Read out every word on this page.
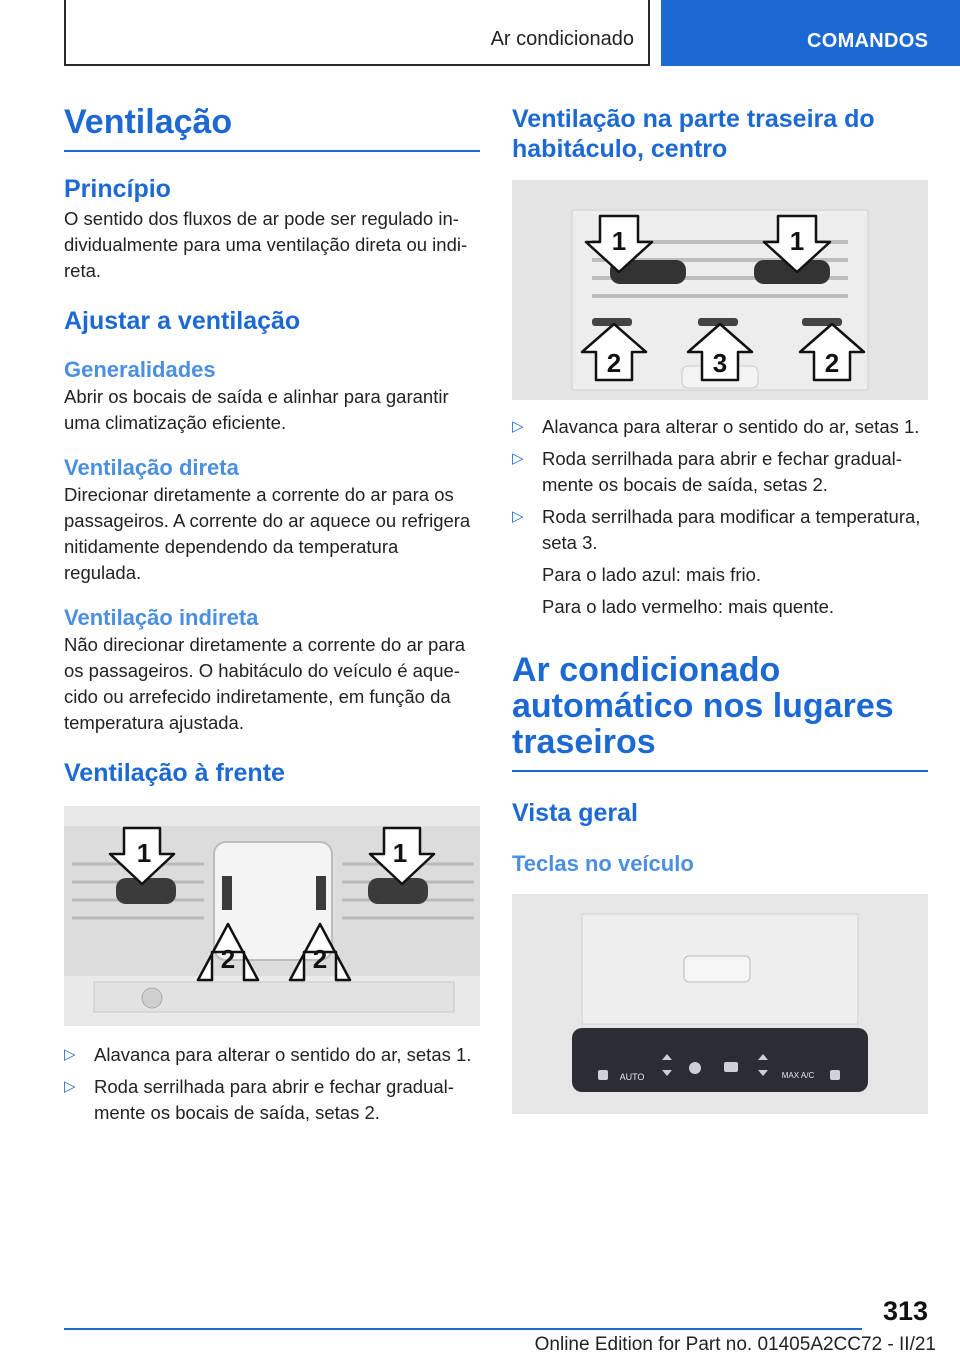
Ar condicionado	COMANDOS
Ventilação
Princípio

O sentido dos fluxos de ar pode ser regulado individualmente para uma ventilação direta ou indireta.

Ajustar a ventilação
Generalidades

Abrir os bocais de saída e alinhar para garantir uma climatização eficiente.

Ventilação direta

Direcionar diretamente a corrente do ar para os passageiros. A corrente do ar aquece ou refrigera nitidamente dependendo da temperatura regulada.

Ventilação indireta

Não direcionar diretamente a corrente do ar para os passageiros. O habitáculo do veículo é aquecido ou arrefecido indiretamente, em função da temperatura ajustada.

Ventilação à frente
1	1
2	2
▷ Alavanca para alterar o sentido do ar, setas 1.
▷ Roda serrilhada para abrir e fechar gradualmente os bocais de saída, setas 2.
Ventilação na parte traseira do habitáculo, centro
1	1
2	3	2
▷ Alavanca para alterar o sentido do ar, setas 1.
▷ Roda serrilhada para abrir e fechar gradualmente os bocais de saída, setas 2.
▷ Roda serrilhada para modificar a temperatura, seta 3.

Para o lado azul: mais frio.

Para o lado vermelho: mais quente.

Ar condicionado automático nos lugares traseiros
Vista geral
Teclas no veículo
AUTO	MAX A/C
313
Online Edition for Part no. 01405A2CC72 - II/21
